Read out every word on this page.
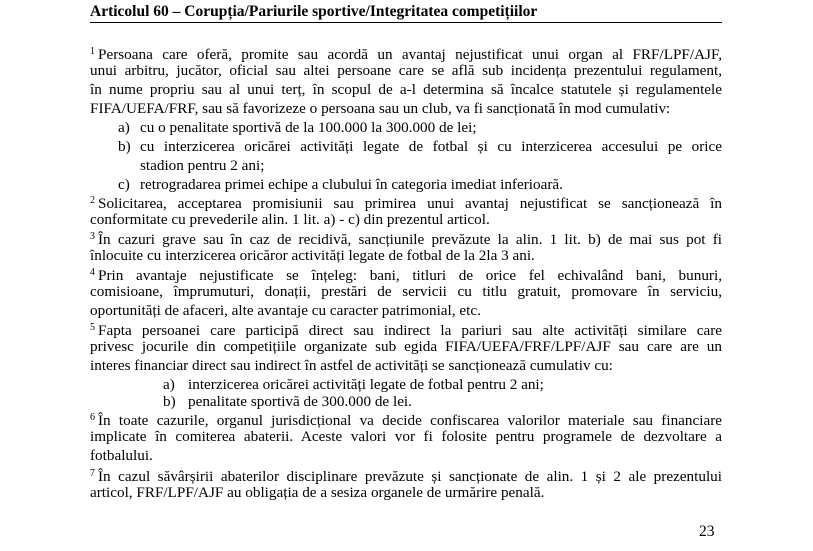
Articolul 60 – Corupția/Pariurile sportive/Integritatea competițiilor
$^1$ Persoana care oferă, promite sau acordă un avantaj nejustificat unui organ al FRF/LPF/AJF,
unui arbitru, jucător, oficial sau altei persoane care se află sub incidența prezentului regulament,
în nume propriu sau al unui terț, în scopul de a-l determina să încalce statutele și regulamentele
FIFA/UEFA/FRF, sau să favorizeze o persoana sau un club, va fi sancționată în mod cumulativ:
a) cu o penalitate sportivă de la 100.000 la 300.000 de lei;
b) cu interzicerea oricărei activități legate de fotbal și cu interzicerea accesului pe orice
stadion pentru 2 ani;
c) retrogradarea primei echipe a clubului în categoria imediat inferioară.
$^2$ Solicitarea, acceptarea promisiunii sau primirea unui avantaj nejustificat se sancționează în
conformitate cu prevederile alin. 1 lit. a) - c) din prezentul articol.
$^3$ În cazuri grave sau în caz de recidivă, sancțiunile prevăzute la alin. 1 lit. b) de mai sus pot fi
înlocuite cu interzicerea oricăror activități legate de fotbal de la 2la 3 ani.
$^4$ Prin avantaje nejustificate se înțeleg: bani, titluri de orice fel echivalând bani, bunuri,
comisioane, împrumuturi, donații, prestări de servicii cu titlu gratuit, promovare în serviciu,
oportunități de afaceri, alte avantaje cu caracter patrimonial, etc.
$^5$ Fapta persoanei care participă direct sau indirect la pariuri sau alte activități similare care
privesc jocurile din competițiile organizate sub egida FIFA/UEFA/FRF/LPF/AJF sau care are un
interes financiar direct sau indirect în astfel de activități se sancționează cumulativ cu:
a) interzicerea oricărei activități legate de fotbal pentru 2 ani;
b) penalitate sportivă de 300.000 de lei.
$^6$ În toate cazurile, organul jurisdicțional va decide confiscarea valorilor materiale sau financiare
implicate în comiterea abaterii. Aceste valori vor fi folosite pentru programele de dezvoltare a
fotbalului.
$^7$ În cazul săvârșirii abaterilor disciplinare prevăzute și sancționate de alin. 1 și 2 ale prezentului
articol, FRF/LPF/AJF au obligația de a sesiza organele de urmărire penală.
23
